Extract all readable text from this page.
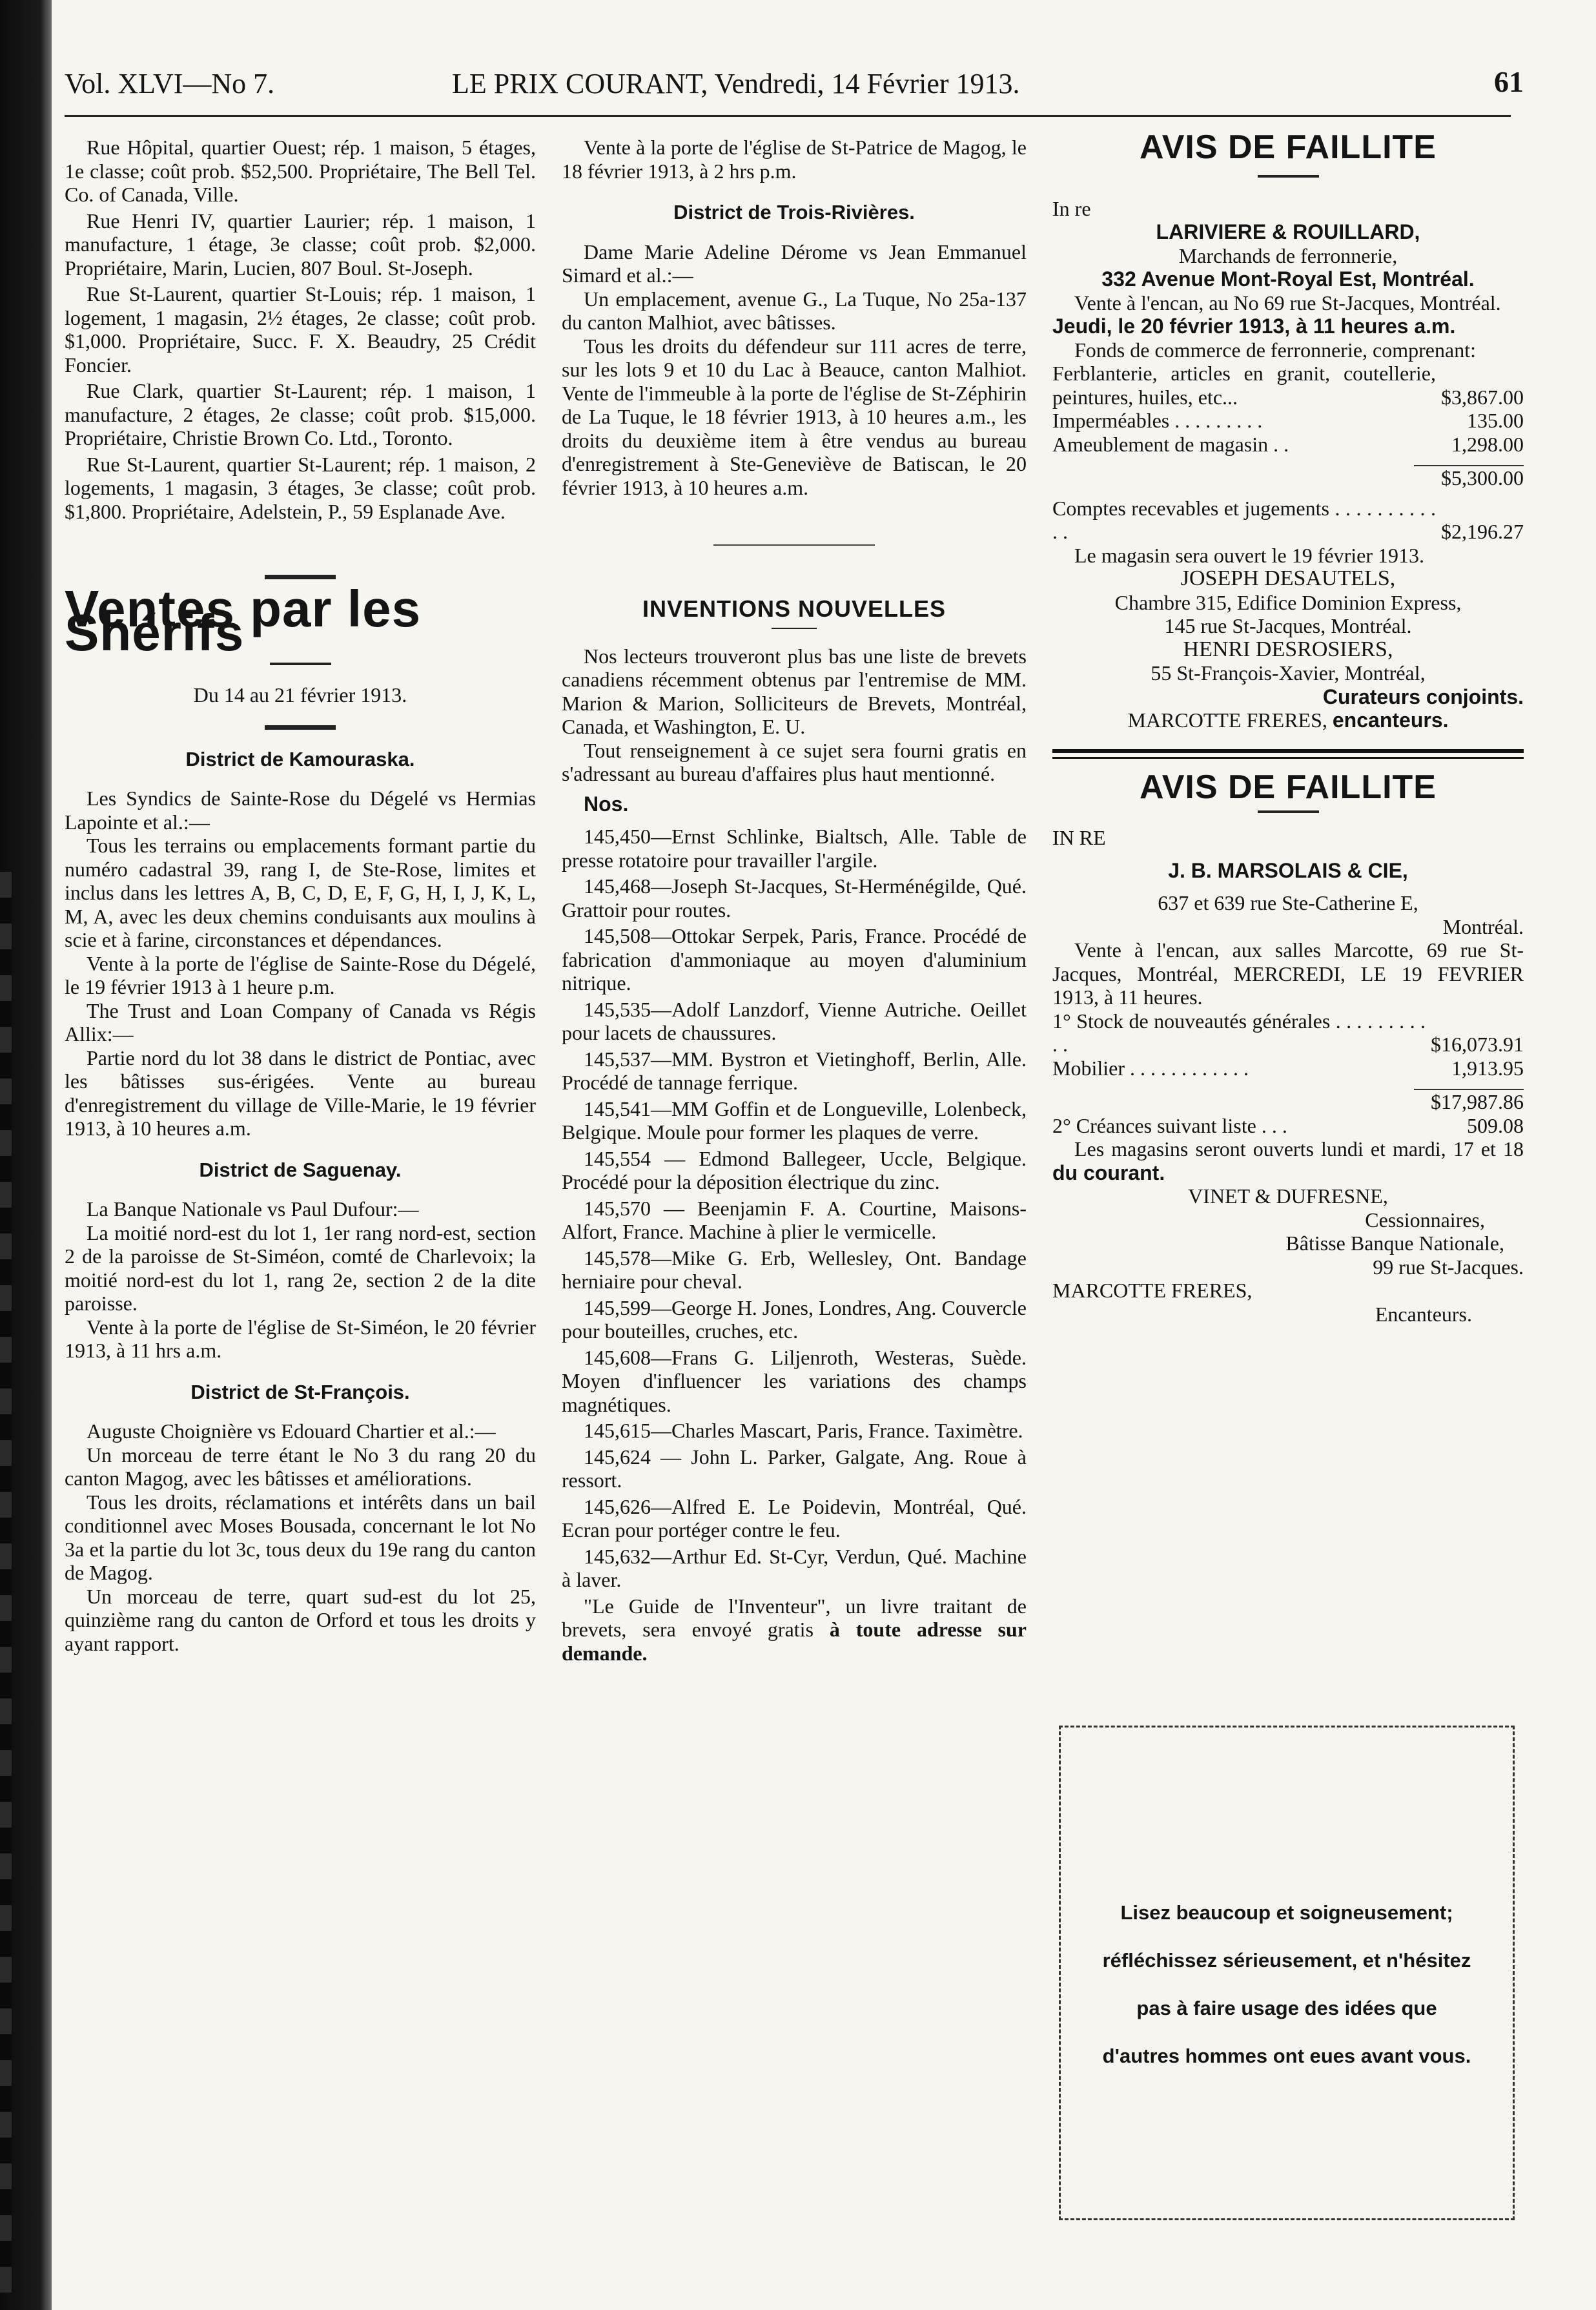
Vol. XLVI—No 7.	LE PRIX COURANT, Vendredi, 14 Février 1913.	61

Rue Hôpital, quartier Ouest; rép. 1 maison, 5 étages, 1e classe; coût prob. $52,500. Propriétaire, The Bell Tel. Co. of Canada, Ville.

Rue Henri IV, quartier Laurier; rép. 1 maison, 1 manufacture, 1 étage, 3e classe; coût prob. $2,000. Propriétaire, Marin, Lucien, 807 Boul. St-Joseph.

Rue St-Laurent, quartier St-Louis; rép. 1 maison, 1 logement, 1 magasin, 2½ étages, 2e classe; coût prob. $1,000. Propriétaire, Succ. F. X. Beaudry, 25 Crédit Foncier.

Rue Clark, quartier St-Laurent; rép. 1 maison, 1 manufacture, 2 étages, 2e classe; coût prob. $15,000. Propriétaire, Christie Brown Co. Ltd., Toronto.

Rue St-Laurent, quartier St-Laurent; rép. 1 maison, 2 logements, 1 magasin, 3 étages, 3e classe; coût prob. $1,800. Propriétaire, Adelstein, P., 59 Esplanade Ave.

Ventes par les Shérifs
Du 14 au 21 février 1913.
District de Kamouraska.

Les Syndics de Sainte-Rose du Dégelé vs Hermias Lapointe et al.:—

Tous les terrains ou emplacements formant partie du numéro cadastral 39, rang I, de Ste-Rose, limites et inclus dans les lettres A, B, C, D, E, F, G, H, I, J, K, L, M, A, avec les deux chemins conduisants aux moulins à scie et à farine, circonstances et dépendances.

Vente à la porte de l'église de Sainte-Rose du Dégelé, le 19 février 1913 à 1 heure p.m.

The Trust and Loan Company of Canada vs Régis Allix:—

Partie nord du lot 38 dans le district de Pontiac, avec les bâtisses sus-érigées. Vente au bureau d'enregistrement du village de Ville-Marie, le 19 février 1913, à 10 heures a.m.

District de Saguenay.

La Banque Nationale vs Paul Dufour:—

La moitié nord-est du lot 1, 1er rang nord-est, section 2 de la paroisse de St-Siméon, comté de Charlevoix; la moitié nord-est du lot 1, rang 2e, section 2 de la dite paroisse.

Vente à la porte de l'église de St-Siméon, le 20 février 1913, à 11 hrs a.m.

District de St-François.

Auguste Choignière vs Edouard Chartier et al.:—

Un morceau de terre étant le No 3 du rang 20 du canton Magog, avec les bâtisses et améliorations.

Tous les droits, réclamations et intérêts dans un bail conditionnel avec Moses Bousada, concernant le lot No 3a et la partie du lot 3c, tous deux du 19e rang du canton de Magog.

Un morceau de terre, quart sud-est du lot 25, quinzième rang du canton de Orford et tous les droits y ayant rapport.

Vente à la porte de l'église de St-Patrice de Magog, le 18 février 1913, à 2 hrs p.m.

District de Trois-Rivières.

Dame Marie Adeline Dérome vs Jean Emmanuel Simard et al.:—

Un emplacement, avenue G., La Tuque, No 25a-137 du canton Malhiot, avec bâtisses.

Tous les droits du défendeur sur 111 acres de terre, sur les lots 9 et 10 du Lac à Beauce, canton Malhiot. Vente de l'immeuble à la porte de l'église de St-Zéphirin de La Tuque, le 18 février 1913, à 10 heures a.m., les droits du deuxième item à être vendus au bureau d'enregistrement à Ste-Geneviève de Batiscan, le 20 février 1913, à 10 heures a.m.

INVENTIONS NOUVELLES

Nos lecteurs trouveront plus bas une liste de brevets canadiens récemment obtenus par l'entremise de MM. Marion & Marion, Solliciteurs de Brevets, Montréal, Canada, et Washington, E. U.

Tout renseignement à ce sujet sera fourni gratis en s'adressant au bureau d'affaires plus haut mentionné.

Nos.

145,450—Ernst Schlinke, Bialtsch, Alle. Table de presse rotatoire pour travailler l'argile.

145,468—Joseph St-Jacques, St-Herménégilde, Qué. Grattoir pour routes.

145,508—Ottokar Serpek, Paris, France. Procédé de fabrication d'ammoniaque au moyen d'aluminium nitrique.

145,535—Adolf Lanzdorf, Vienne Autriche. Oeillet pour lacets de chaussures.

145,537—MM. Bystron et Vietinghoff, Berlin, Alle. Procédé de tannage ferrique.

145,541—MM Goffin et de Longueville, Lolenbeck, Belgique. Moule pour former les plaques de verre.

145,554 — Edmond Ballegeer, Uccle, Belgique. Procédé pour la déposition électrique du zinc.

145,570 — Beenjamin F. A. Courtine, Maisons-Alfort, France. Machine à plier le vermicelle.

145,578—Mike G. Erb, Wellesley, Ont. Bandage herniaire pour cheval.

145,599—George H. Jones, Londres, Ang. Couvercle pour bouteilles, cruches, etc.

145,608—Frans G. Liljenroth, Westeras, Suède. Moyen d'influencer les variations des champs magnétiques.

145,615—Charles Mascart, Paris, France. Taximètre.

145,624 — John L. Parker, Galgate, Ang. Roue à ressort.

145,626—Alfred E. Le Poidevin, Montréal, Qué. Ecran pour portéger contre le feu.

145,632—Arthur Ed. St-Cyr, Verdun, Qué. Machine à laver.

"Le Guide de l'Inventeur", un livre traitant de brevets, sera envoyé gratis à toute adresse sur demande.

AVIS DE FAILLITE

In re

LARIVIERE & ROUILLARD,
Marchands de ferronnerie,
332 Avenue Mont-Royal Est, Montréal.

Vente à l'encan, au No 69 rue St-Jacques, Montréal.

Jeudi, le 20 février 1913, à 11 heures a.m.

Fonds de commerce de ferronnerie, comprenant:

Ferblanterie, articles en granit, coutellerie, peintures, huiles, etc...	$3,867.00
Imperméables . . . . . . . . .	135.00
Ameublement de magasin . .	1,298.00
$5,300.00
Comptes recevables et jugements . . . . . . . . . . . .	$2,196.27

Le magasin sera ouvert le 19 février 1913.

JOSEPH DESAUTELS,
Chambre 315, Edifice Dominion Express,
145 rue St-Jacques, Montréal.
HENRI DESROSIERS,
55 St-François-Xavier, Montréal,
Curateurs conjoints.
MARCOTTE FRERES, encanteurs.
AVIS DE FAILLITE

IN RE

J. B. MARSOLAIS & CIE,
637 et 639 rue Ste-Catherine E,
Montréal.

Vente à l'encan, aux salles Marcotte, 69 rue St-Jacques, Montréal, MERCREDI, LE 19 FEVRIER 1913, à 11 heures.

1° Stock de nouveautés générales . . . . . . . . . . .	$16,073.91
Mobilier . . . . . . . . . . . .	1,913.95
$17,987.86
2° Créances suivant liste . . .	509.08

Les magasins seront ouverts lundi et mardi, 17 et 18 du courant.

VINET & DUFRESNE,
Cessionnaires,
Bâtisse Banque Nationale,
99 rue St-Jacques.

MARCOTTE FRERES,

Encanteurs.
Lisez beaucoup et soigneusement;
réfléchissez sérieusement, et n'hésitez pas à faire usage des idées que
d'autres hommes ont eues avant vous.
